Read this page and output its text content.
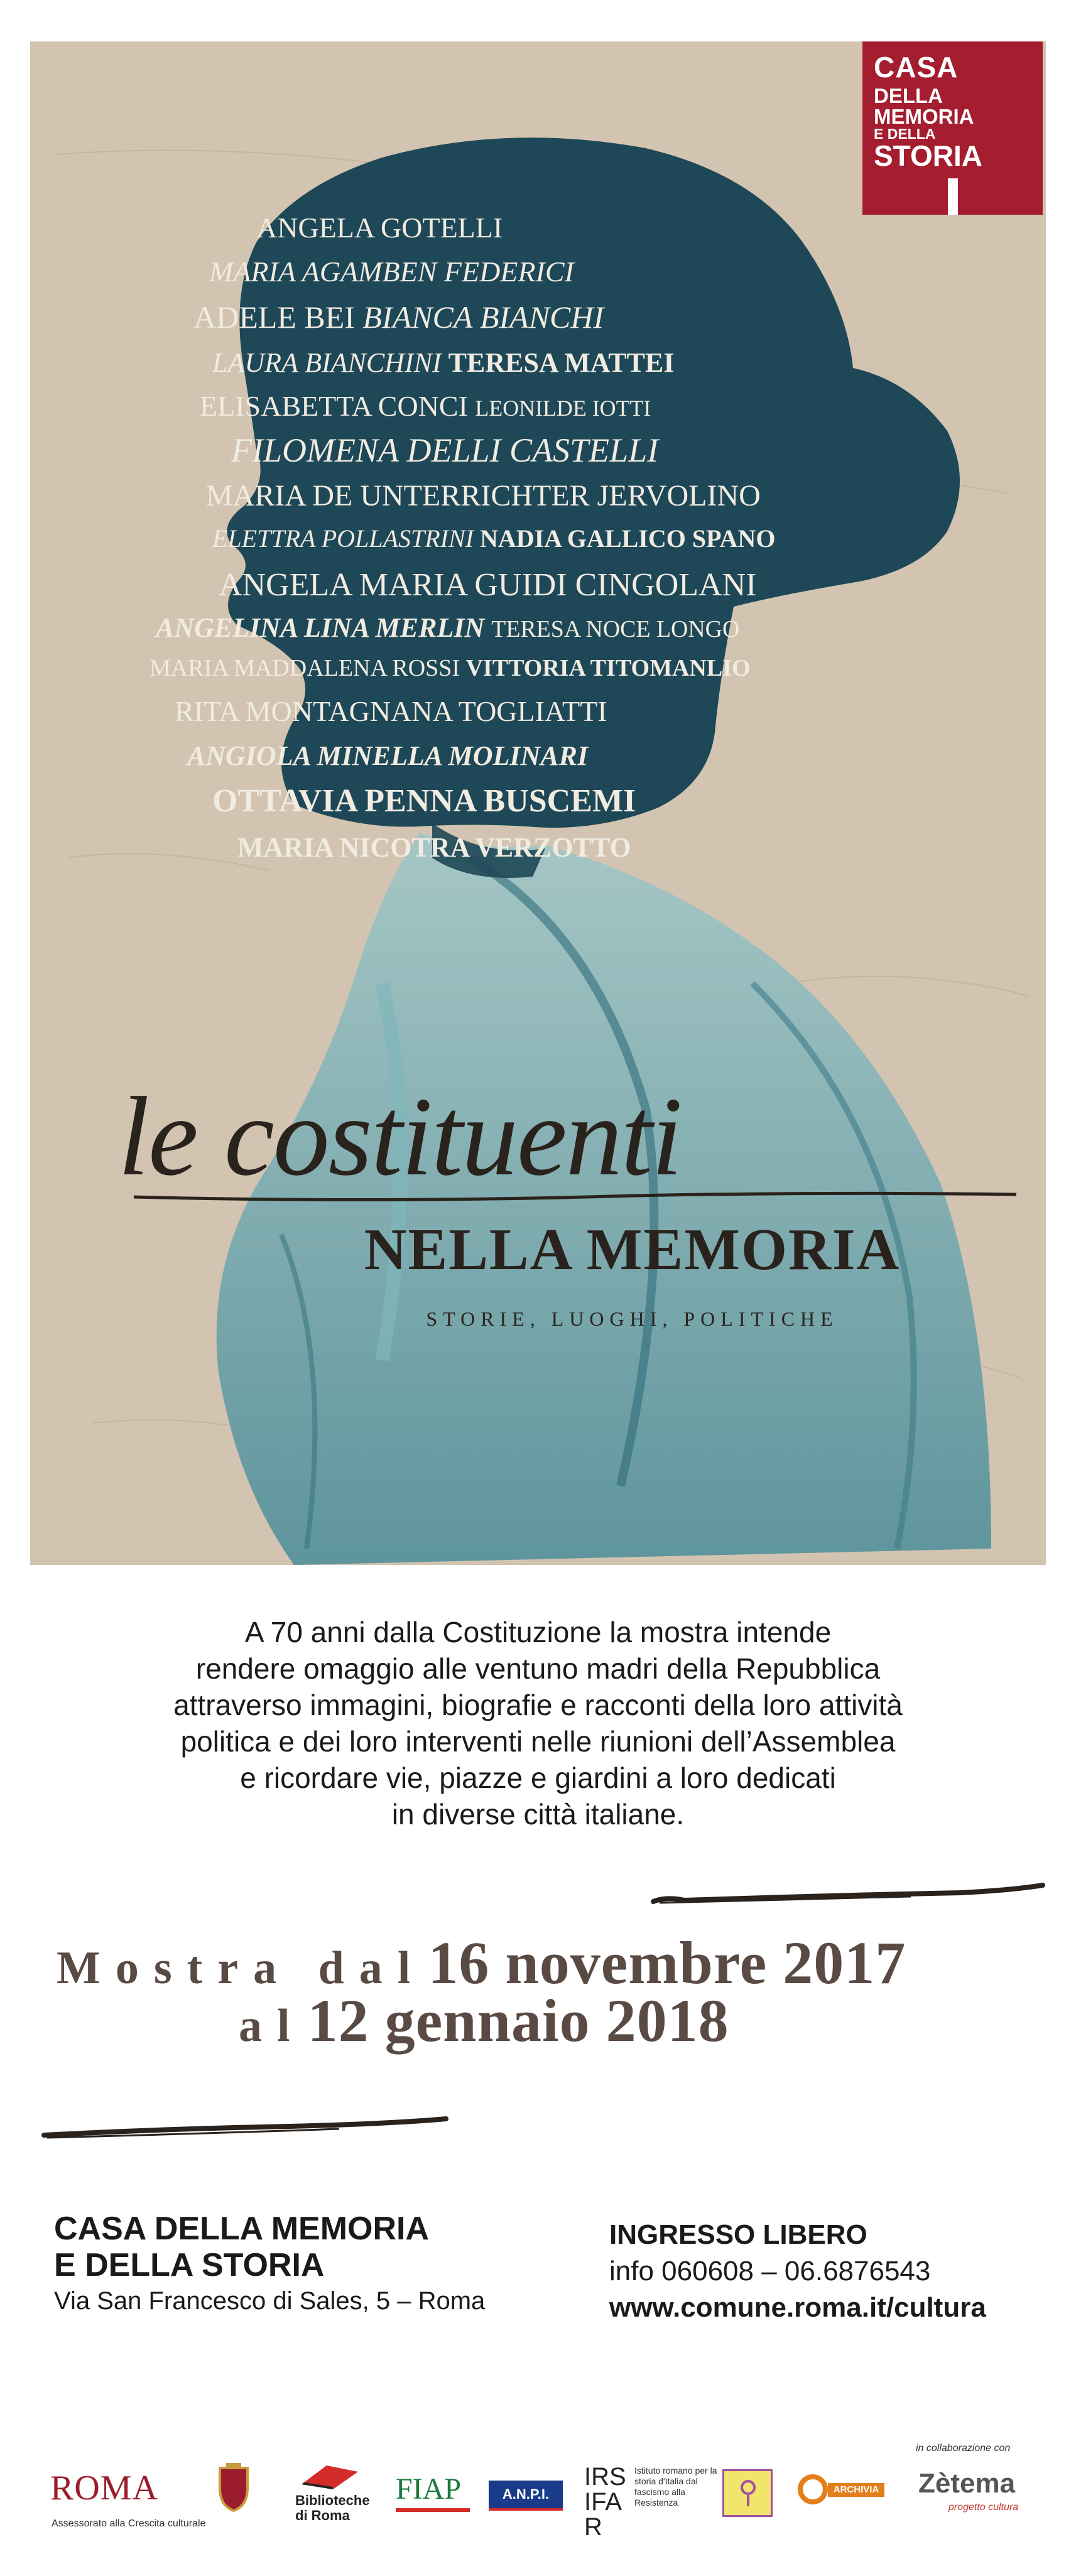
CASA
DELLA
MEMORIA
E DELLA
STORIA
ANGELA GOTELLI
MARIA AGAMBEN FEDERICI
ADELE BEI BIANCA BIANCHI
LAURA BIANCHINI TERESA MATTEI
ELISABETTA CONCI LEONILDE IOTTI
FILOMENA DELLI CASTELLI
MARIA DE UNTERRICHTER JERVOLINO
ELETTRA POLLASTRINI NADIA GALLICO SPANO
ANGELA MARIA GUIDI CINGOLANI
ANGELINA LINA MERLIN TERESA NOCE LONGO
MARIA MADDALENA ROSSI VITTORIA TITOMANLIO
RITA MONTAGNANA TOGLIATTI
ANGIOLA MINELLA MOLINARI
OTTAVIA PENNA BUSCEMI
MARIA NICOTRA VERZOTTO
le costituenti
NELLA MEMORIA
STORIE, LUOGHI, POLITICHE
A 70 anni dalla Costituzione la mostra intende
rendere omaggio alle ventuno madri della Repubblica
attraverso immagini, biografie e racconti della loro attività
politica e dei loro interventi nelle riunioni dell’Assemblea
e ricordare vie, piazze e giardini a loro dedicati
in diverse città italiane.
Mostra dal 16 novembre 2017
al 12 gennaio 2018
CASA DELLA MEMORIA
E DELLA STORIA
Via San Francesco di Sales, 5 – Roma
INGRESSO LIBERO
info 060608 – 06.6876543
www.comune.roma.it/cultura
ROMA
Assessorato alla Crescita culturale
Biblioteche
di Roma
FIAP	A.N.P.I.
IRSIFAR
Istituto romano per la storia d'Italia dal fascismo alla Resistenza
ARCHIVIA
in collaborazione con
Zètema
progetto cultura
